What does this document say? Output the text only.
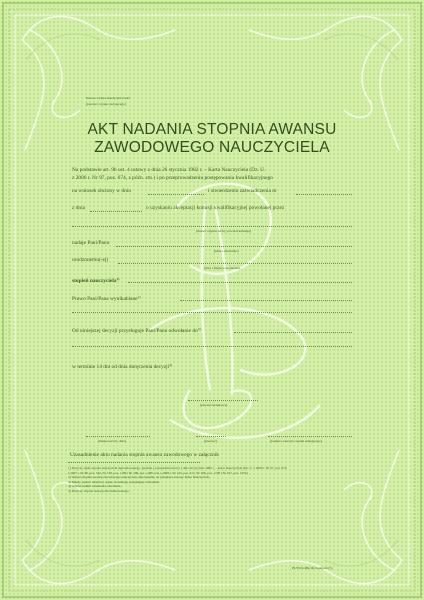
Nazwa i adres szkoły/placówki
(pieczęć organu nadającego)
AKT NADANIA STOPNIA AWANSU
ZAWODOWEGO NAUCZYCIELA
Na podstawie art. 9b ust. 4 ustawy z dnia 26 stycznia 1982 r. – Karta Nauczyciela (Dz. U.
z 2006 r. Nr 97, poz. 674, z późn. zm.) i po przeprowadzeniu postępowania kwalifikacyjnego
na wniosek złożony w dniu	i stwierdzeniu zaświadczenia m
z dnia	o uzyskaniu akceptacji komisji kwalifikacyjnej powołanej przez
(nazwa organu, który powołał komisję)
nadaje Pani/Panu
(imię i nazwisko)
urodzonemu(-ej)
(data i miejsce urodzenia)
stopień nauczyciela$^{1)}$
Prawo Pani/Pana wynikabiane$^{2)}$
Od niniejszej decyzji przysługuje Pani/Panu odwołanie $do^{3)}$
w terminie 14 dni od dnia doręczenia decyzji$^{4)}$
(pieczęć urzędowa)
(miejscowość, data)	(pieczęć)	(podpis i pieczęć organu nadającego)
Uzasadnienie aktu nadania stopnia awansu zawodowego w załącznik
1) Dotyczy także stopnia nauczyciela dyplomowanego, zgodnie z przepisami ustawy z dnia 26 stycznia 1982 r. – Karta Nauczyciela (Dz. U. z 2006 r. Nr 97, poz. 674,
z 2007 r. Nr 80, poz. 542, Nr 158, poz. 1109 i Nr 180, poz. 1280 oraz z 2008 r. Nr 145, poz. 917, Nr 180, poz. 1109 i Nr 227, poz. 1505).
2) Wpisać stopień awansu zawodowego nauczyciela odpowiednio do przepisów ustawy Karta Nauczyciela.
3) Należy wpisać właściwy organ, do którego przysługuje odwołanie.
4) Wpisać termin wniesienia odwołania.
5) Dotyczy stopnia nauczyciela mianowanego.
PUTO/GDR/1R Komanit (5)
